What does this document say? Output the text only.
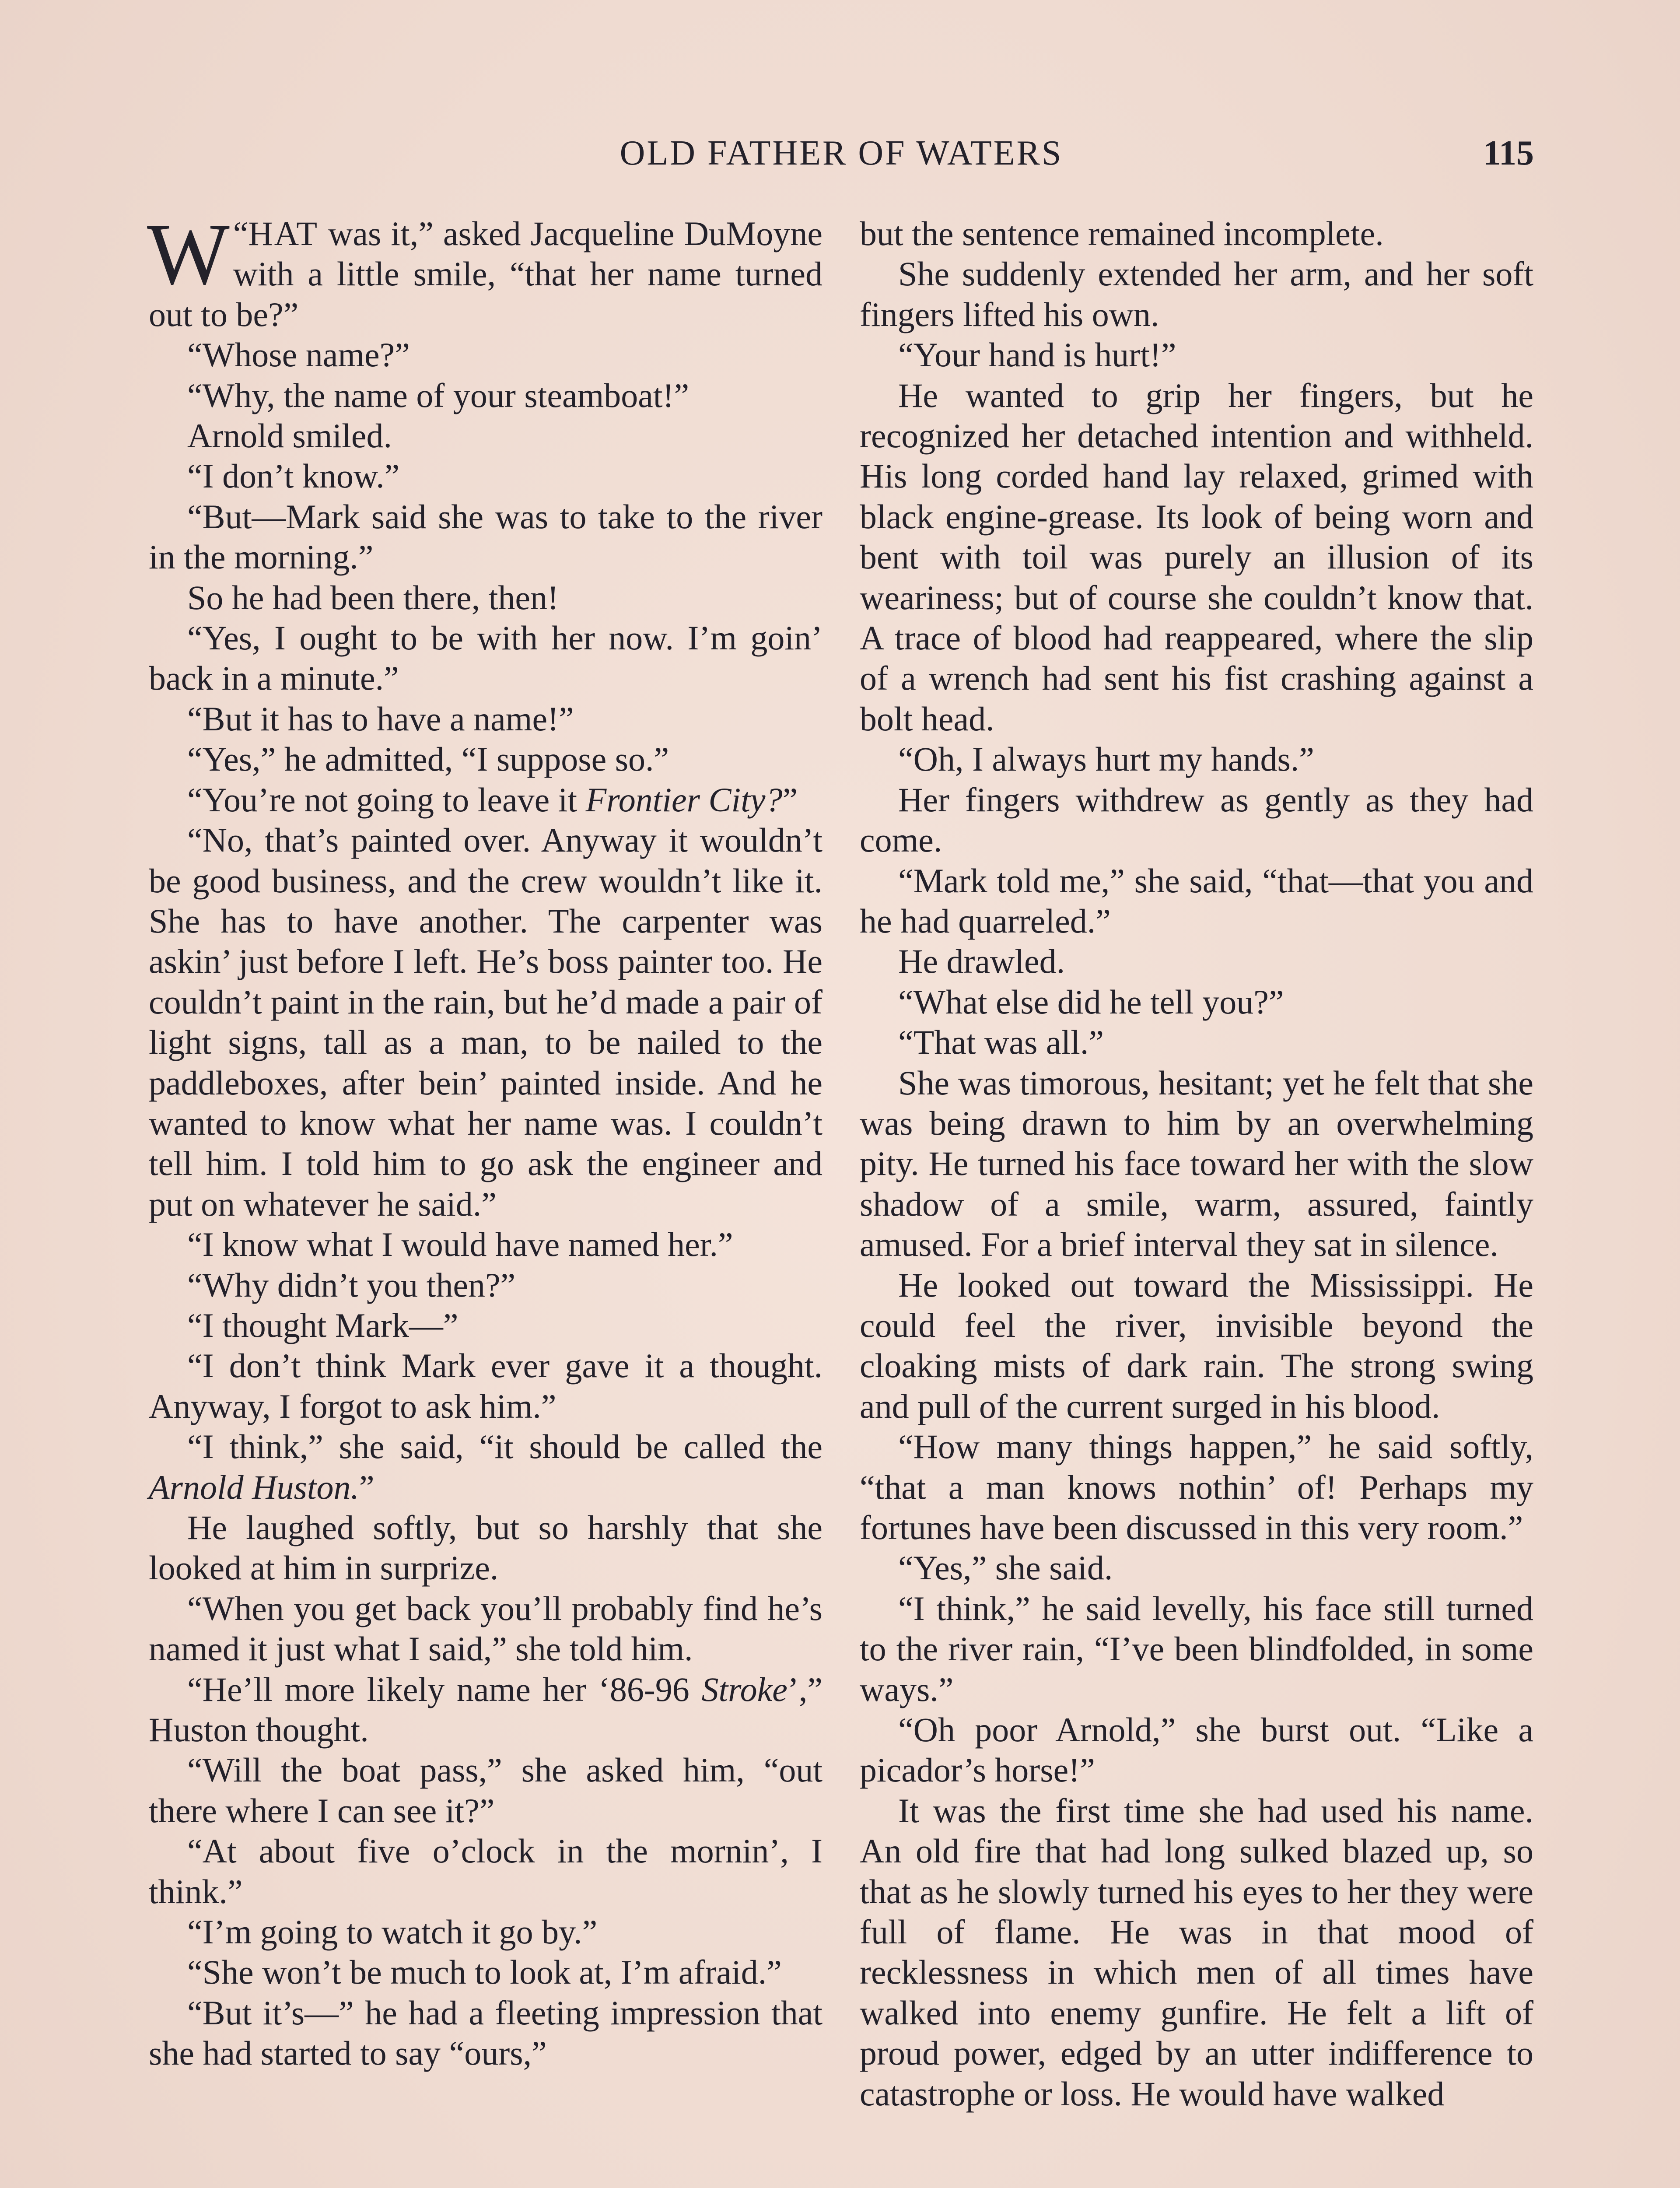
OLD FATHER OF WATERS	115

“
W HAT was it,” asked Jacqueline DuMoyne with a little smile, “that her name turned out to be?”

“Whose name?”

“Why, the name of your steamboat!”

Arnold smiled.

“I don’t know.”

“But—Mark said she was to take to the river in the morning.”

So he had been there, then!

“Yes, I ought to be with her now. I’m goin’ back in a minute.”

“But it has to have a name!”

“Yes,” he admitted, “I suppose so.”

“You’re not going to leave it Frontier City?”

“No, that’s painted over. Anyway it wouldn’t be good business, and the crew wouldn’t like it. She has to have another. The carpenter was askin’ just before I left. He’s boss painter too. He couldn’t paint in the rain, but he’d made a pair of light signs, tall as a man, to be nailed to the paddleboxes, after bein’ painted inside. And he wanted to know what her name was. I couldn’t tell him. I told him to go ask the engineer and put on whatever he said.”

“I know what I would have named her.”

“Why didn’t you then?”

“I thought Mark—”

“I don’t think Mark ever gave it a thought. Anyway, I forgot to ask him.”

“I think,” she said, “it should be called the Arnold Huston.”

He laughed softly, but so harshly that she looked at him in surprize.

“When you get back you’ll probably find he’s named it just what I said,” she told him.

“He’ll more likely name her ‘86-96 Stroke’,” Huston thought.

“Will the boat pass,” she asked him, “out there where I can see it?”

“At about five o’clock in the mornin’, I think.”

“I’m going to watch it go by.”

“She won’t be much to look at, I’m afraid.”

“But it’s—” he had a fleeting impression that she had started to say “ours,”

but the sentence remained incomplete.

She suddenly extended her arm, and her soft fingers lifted his own.

“Your hand is hurt!”

He wanted to grip her fingers, but he recognized her detached intention and withheld. His long corded hand lay relaxed, grimed with black engine-grease. Its look of being worn and bent with toil was purely an illusion of its weariness; but of course she couldn’t know that. A trace of blood had reappeared, where the slip of a wrench had sent his fist crashing against a bolt head.

“Oh, I always hurt my hands.”

Her fingers withdrew as gently as they had come.

“Mark told me,” she said, “that—that you and he had quarreled.”

He drawled.

“What else did he tell you?”

“That was all.”

She was timorous, hesitant; yet he felt that she was being drawn to him by an overwhelming pity. He turned his face toward her with the slow shadow of a smile, warm, assured, faintly amused. For a brief interval they sat in silence.

He looked out toward the Mississippi. He could feel the river, invisible beyond the cloaking mists of dark rain. The strong swing and pull of the current surged in his blood.

“How many things happen,” he said softly, “that a man knows nothin’ of! Perhaps my fortunes have been discussed in this very room.”

“Yes,” she said.

“I think,” he said levelly, his face still turned to the river rain, “I’ve been blindfolded, in some ways.”

“Oh poor Arnold,” she burst out. “Like a picador’s horse!”

It was the first time she had used his name. An old fire that had long sulked blazed up, so that as he slowly turned his eyes to her they were full of flame. He was in that mood of recklessness in which men of all times have walked into enemy gunfire. He felt a lift of proud power, edged by an utter indifference to catastrophe or loss. He would have walked
